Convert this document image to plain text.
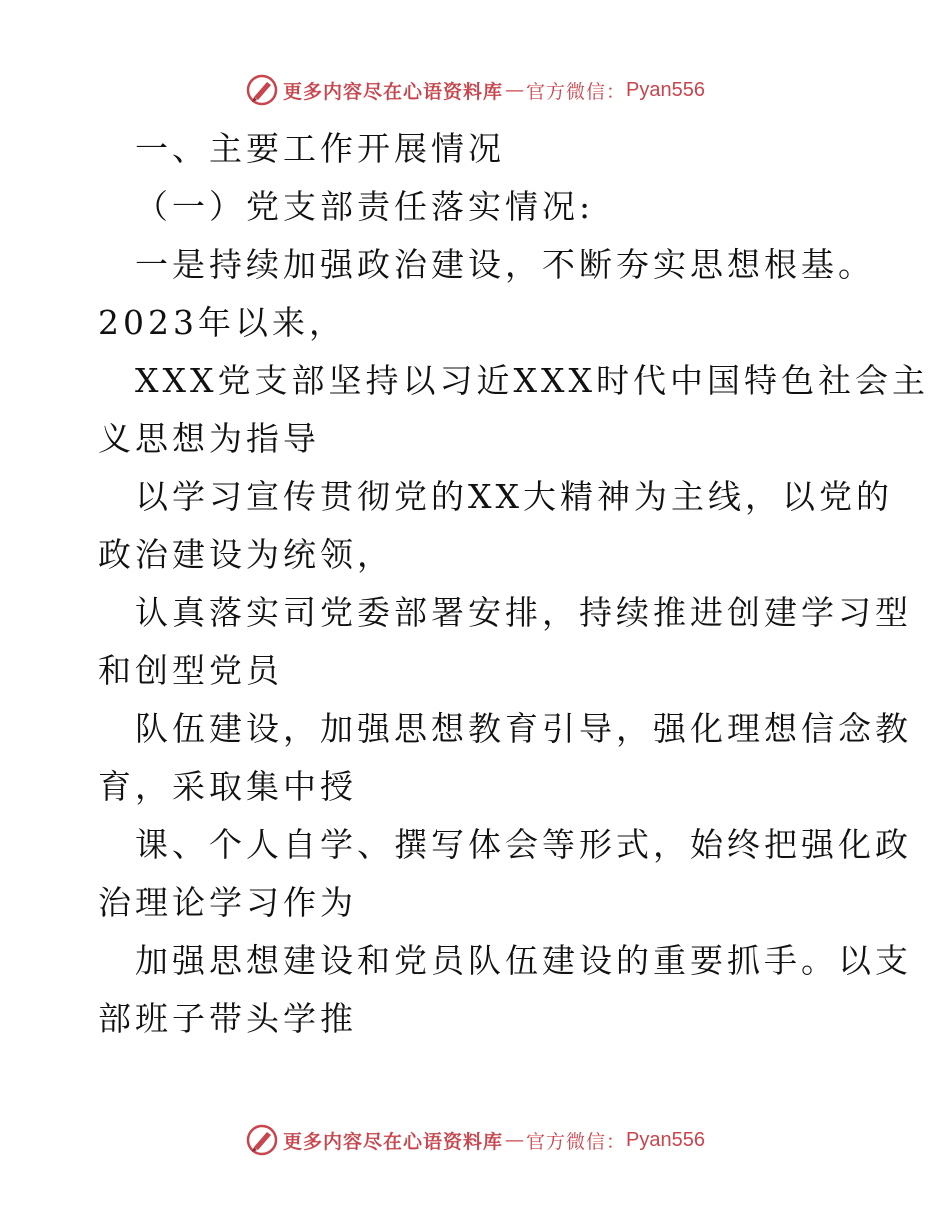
更多内容尽在心语资料库 — 官方微信： Pyan556
一、主要工作开展情况
（一）党支部责任落实情况:
一是持续加强政治建设，不断夯实思想根基。
2023年以来，
XXX党支部坚持以习近XXX时代中国特色社会主
义思想为指导
以学习宣传贯彻党的XX大精神为主线，以党的
政治建设为统领，
认真落实司党委部署安排，持续推进创建学习型
和创型党员
队伍建设，加强思想教育引导，强化理想信念教
育，采取集中授
课、个人自学、撰写体会等形式，始终把强化政
治理论学习作为
加强思想建设和党员队伍建设的重要抓手。以支
部班子带头学推
更多内容尽在心语资料库 — 官方微信： Pyan556
